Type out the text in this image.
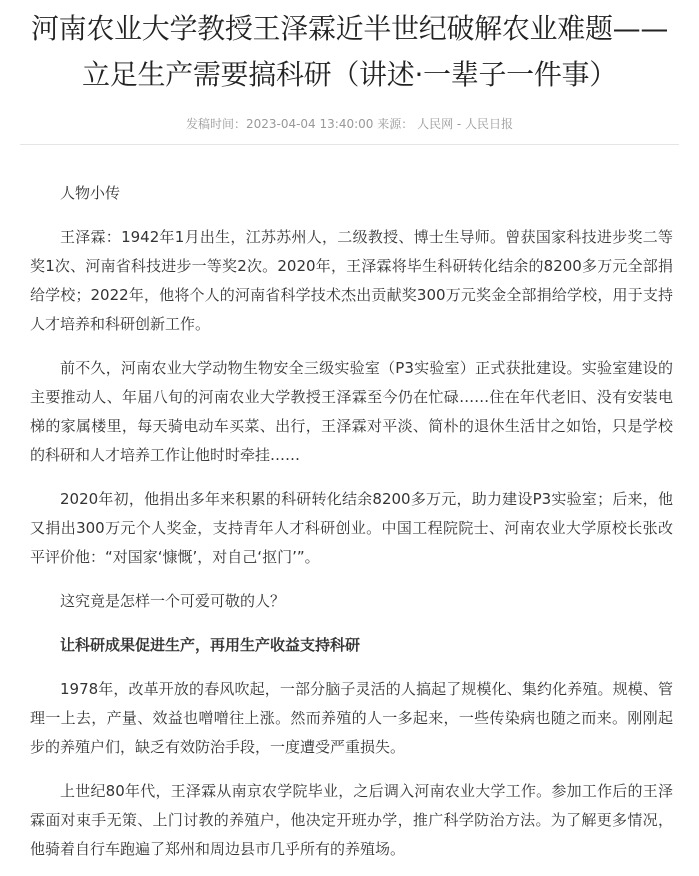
河南农业大学教授王泽霖近半世纪破解农业难题——
立足生产需要搞科研（讲述·一辈子一件事）
发稿时间：2023-04-04 13:40:00 来源： 人民网 - 人民日报

人物小传

王泽霖：1942年1月出生，江苏苏州人，二级教授、博士生导师。曾获国家科技进步奖二等奖1次、河南省科技进步一等奖2次。2020年，王泽霖将毕生科研转化结余的8200多万元全部捐给学校；2022年，他将个人的河南省科学技术杰出贡献奖300万元奖金全部捐给学校，用于支持人才培养和科研创新工作。

前不久，河南农业大学动物生物安全三级实验室（P3实验室）正式获批建设。实验室建设的主要推动人、年届八旬的河南农业大学教授王泽霖至今仍在忙碌……住在年代老旧、没有安装电梯的家属楼里，每天骑电动车买菜、出行，王泽霖对平淡、简朴的退休生活甘之如饴，只是学校的科研和人才培养工作让他时时牵挂……

2020年初，他捐出多年来积累的科研转化结余8200多万元，助力建设P3实验室；后来，他又捐出300万元个人奖金，支持青年人才科研创业。中国工程院院士、河南农业大学原校长张改平评价他：“对国家‘慷慨’，对自己‘抠门’”。

这究竟是怎样一个可爱可敬的人？

让科研成果促进生产，再用生产收益支持科研

1978年，改革开放的春风吹起，一部分脑子灵活的人搞起了规模化、集约化养殖。规模、管理一上去，产量、效益也噌噌往上涨。然而养殖的人一多起来，一些传染病也随之而来。刚刚起步的养殖户们，缺乏有效防治手段，一度遭受严重损失。

上世纪80年代，王泽霖从南京农学院毕业，之后调入河南农业大学工作。参加工作后的王泽霖面对束手无策、上门讨教的养殖户，他决定开班办学，推广科学防治方法。为了解更多情况，他骑着自行车跑遍了郑州和周边县市几乎所有的养殖场。
